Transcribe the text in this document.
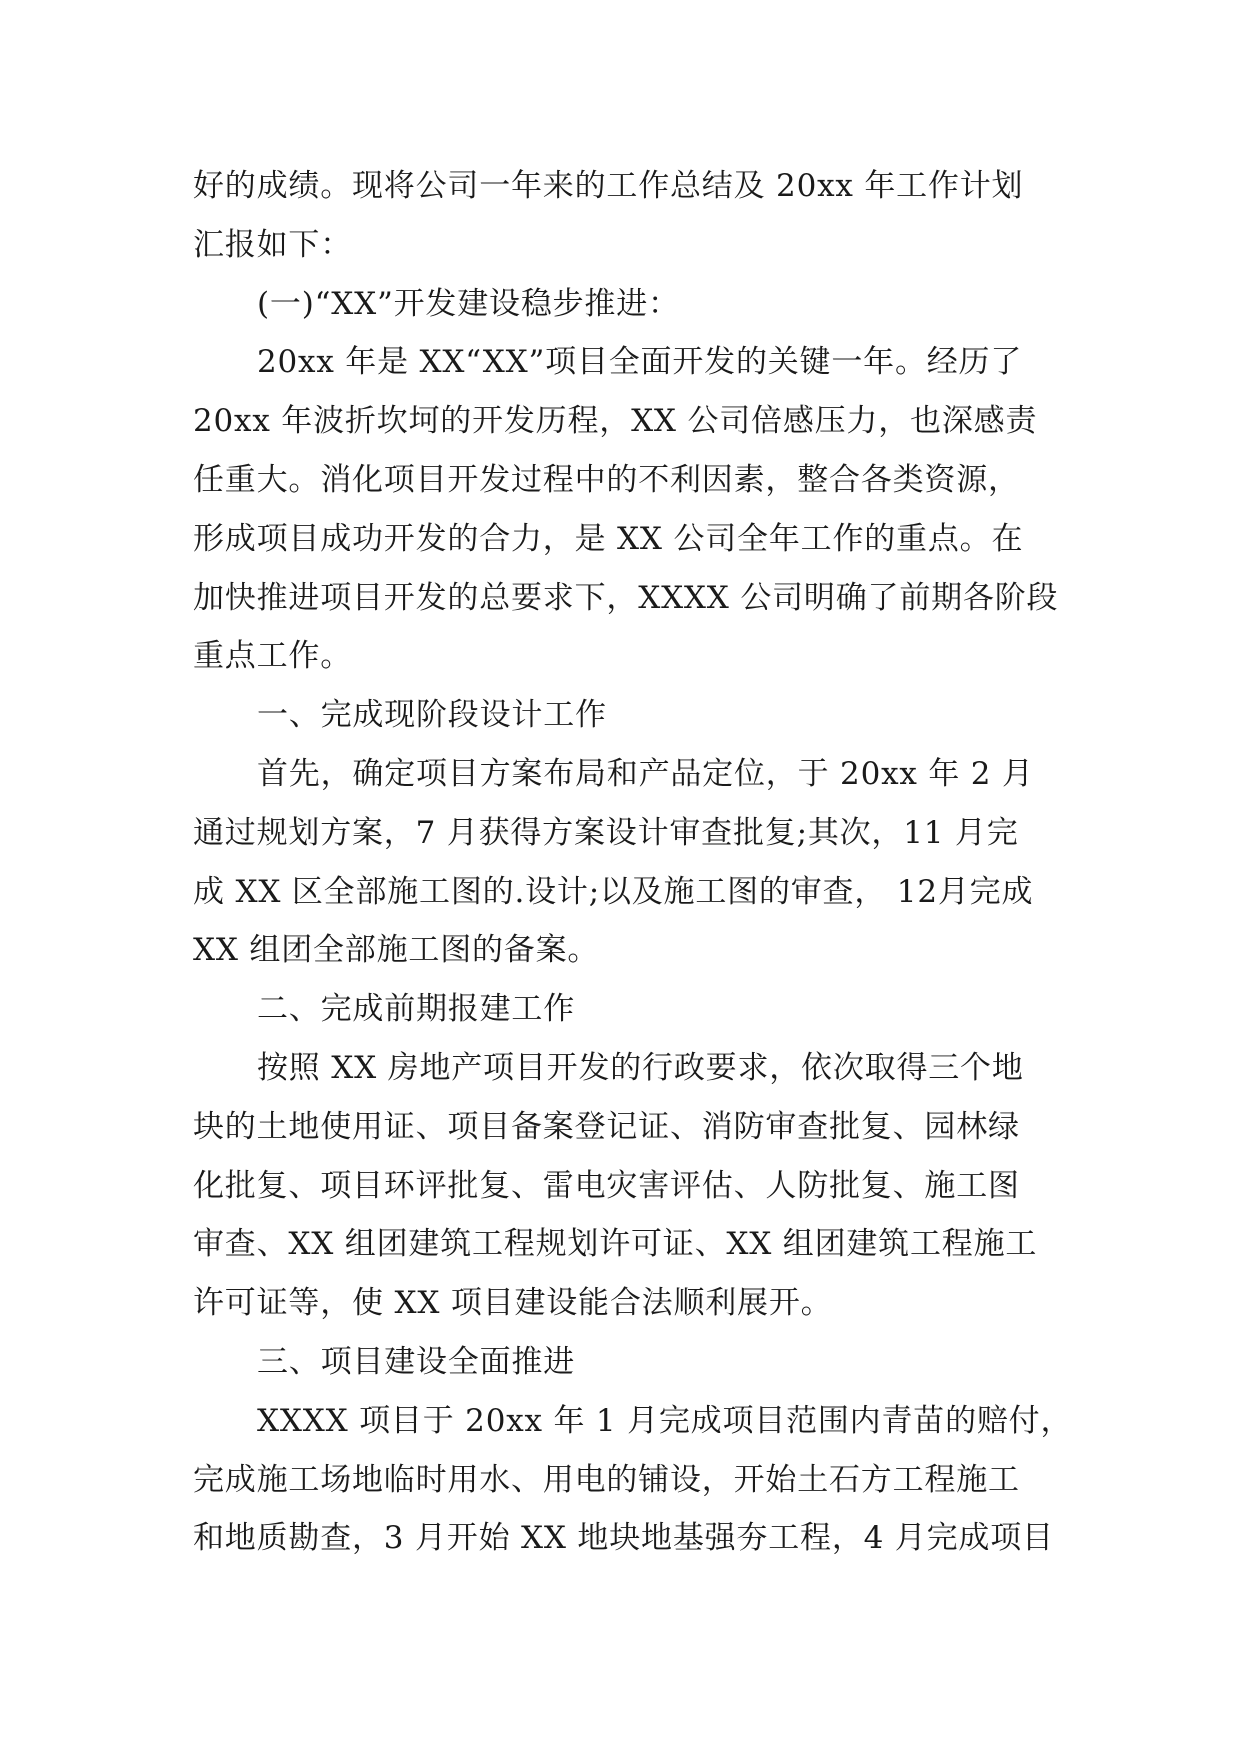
好的成绩。现将公司一年来的工作总结及 20xx 年工作计划
汇报如下：
(一)“XX”开发建设稳步推进：
20xx 年是 XX“XX”项目全面开发的关键一年。经历了
20xx 年波折坎坷的开发历程，XX 公司倍感压力，也深感责
任重大。消化项目开发过程中的不利因素，整合各类资源，
形成项目成功开发的合力，是 XX 公司全年工作的重点。在
加快推进项目开发的总要求下，XXXX 公司明确了前期各阶段
重点工作。
一、完成现阶段设计工作
首先，确定项目方案布局和产品定位，于 20xx 年 2 月
通过规划方案，7 月获得方案设计审查批复;其次，11 月完
成 XX 区全部施工图的.设计;以及施工图的审查， 12月完成
XX 组团全部施工图的备案。
二、完成前期报建工作
按照 XX 房地产项目开发的行政要求，依次取得三个地
块的土地使用证、项目备案登记证、消防审查批复、园林绿
化批复、项目环评批复、雷电灾害评估、人防批复、施工图
审查、XX 组团建筑工程规划许可证、XX 组团建筑工程施工
许可证等，使 XX 项目建设能合法顺利展开。
三、项目建设全面推进
XXXX 项目于 20xx 年 1 月完成项目范围内青苗的赔付，
完成施工场地临时用水、用电的铺设，开始土石方工程施工
和地质勘查，3 月开始 XX 地块地基强夯工程，4 月完成项目
